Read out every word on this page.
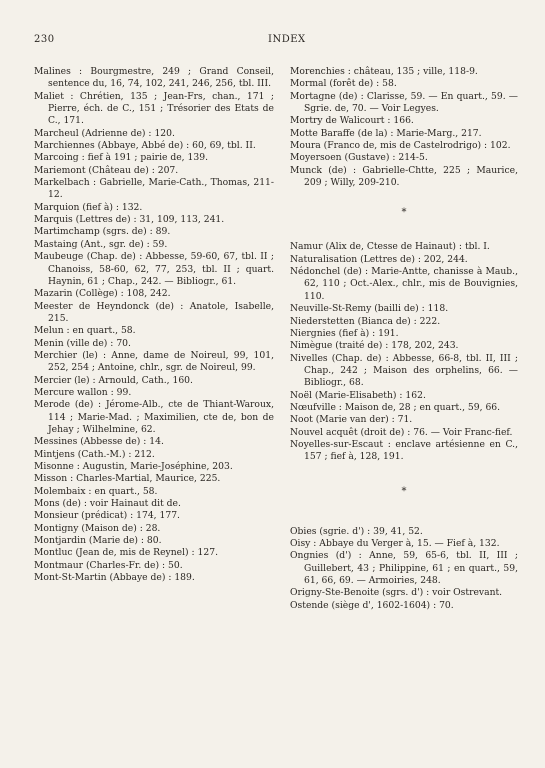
230	INDEX

Malines : Bourgmestre, 249 ; Grand Conseil, sentence du, 16, 74, 102, 241, 246, 256, tbl. III.

Maliet : Chrétien, 135 ; Jean-Frs, chan., 171 ; Pierre, éch. de C., 151 ; Trésorier des Etats de C., 171.

Marcheul (Adrienne de) : 120.

Marchiennes (Abbaye, Abbé de) : 60, 69, tbl. II.

Marcoing : fief à 191 ; pairie de, 139.

Mariemont (Château de) : 207.

Markelbach : Gabrielle, Marie-Cath., Thomas, 211-12.

Marquion (fief à) : 132.

Marquis (Lettres de) : 31, 109, 113, 241.

Martimchamp (sgrs. de) : 89.

Mastaing (Ant., sgr. de) : 59.

Maubeuge (Chap. de) : Abbesse, 59-60, 67, tbl. II ; Chanoiss, 58-60, 62, 77, 253, tbl. II ; quart. Haynin, 61 ; Chap., 242. — Bibliogr., 61.

Mazarin (Collège) : 108, 242.

Meester de Heyndonck (de) : Anatole, Isabelle, 215.

Melun : en quart., 58.

Menin (ville de) : 70.

Merchier (le) : Anne, dame de Noireul, 99, 101, 252, 254 ; Antoine, chlr., sgr. de Noireul, 99.

Mercier (le) : Arnould, Cath., 160.

Mercure wallon : 99.

Merode (de) : Jérome-Alb., cte de Thiant-Waroux, 114 ; Marie-Mad. ; Maximilien, cte de, bon de Jehay ; Wilhelmine, 62.

Messines (Abbesse de) : 14.

Mintjens (Cath.-M.) : 212.

Misonne : Augustin, Marie-Joséphine, 203.

Misson : Charles-Martial, Maurice, 225.

Molembaix : en quart., 58.

Mons (de) : voir Hainaut dit de.

Monsieur (prédicat) : 174, 177.

Montigny (Maison de) : 28.

Montjardin (Marie de) : 80.

Montluc (Jean de, mis de Reynel) : 127.

Montmaur (Charles-Fr. de) : 50.

Mont-St-Martin (Abbaye de) : 189.

Morenchies : château, 135 ; ville, 118-9.

Mormal (forêt de) : 58.

Mortagne (de) : Clarisse, 59. — En quart., 59. — Sgrie. de, 70. — Voir Legyes.

Mortry de Walicourt : 166.

Motte Baraffe (de la) : Marie-Marg., 217.

Moura (Franco de, mis de Castelrodrigo) : 102.

Moyersoen (Gustave) : 214-5.

Munck (de) : Gabrielle-Chtte, 225 ; Maurice, 209 ; Willy, 209-210.

*

Namur (Alix de, Ctesse de Hainaut) : tbl. I.

Naturalisation (Lettres de) : 202, 244.

Nédonchel (de) : Marie-Antte, chanisse à Maub., 62, 110 ; Oct.-Alex., chlr., mis de Bouvignies, 110.

Neuville-St-Remy (bailli de) : 118.

Niederstetten (Bianca de) : 222.

Niergnies (fief à) : 191.

Nimègue (traité de) : 178, 202, 243.

Nivelles (Chap. de) : Abbesse, 66-8, tbl. II, III ; Chap., 242 ; Maison des orphelins, 66. — Bibliogr., 68.

Noël (Marie-Elisabeth) : 162.

Nœufville : Maison de, 28 ; en quart., 59, 66.

Noot (Marie van der) : 71.

Nouvel acquêt (droit de) : 76. — Voir Franc-fief.

Noyelles-sur-Escaut : enclave artésienne en C., 157 ; fief à, 128, 191.

*

Obies (sgrie. d') : 39, 41, 52.

Oisy : Abbaye du Verger à, 15. — Fief à, 132.

Ongnies (d') : Anne, 59, 65-6, tbl. II, III ; Guillebert, 43 ; Philippine, 61 ; en quart., 59, 61, 66, 69. — Armoiries, 248.

Origny-Ste-Benoite (sgrs. d') : voir Ostrevant.

Ostende (siège d', 1602-1604) : 70.
